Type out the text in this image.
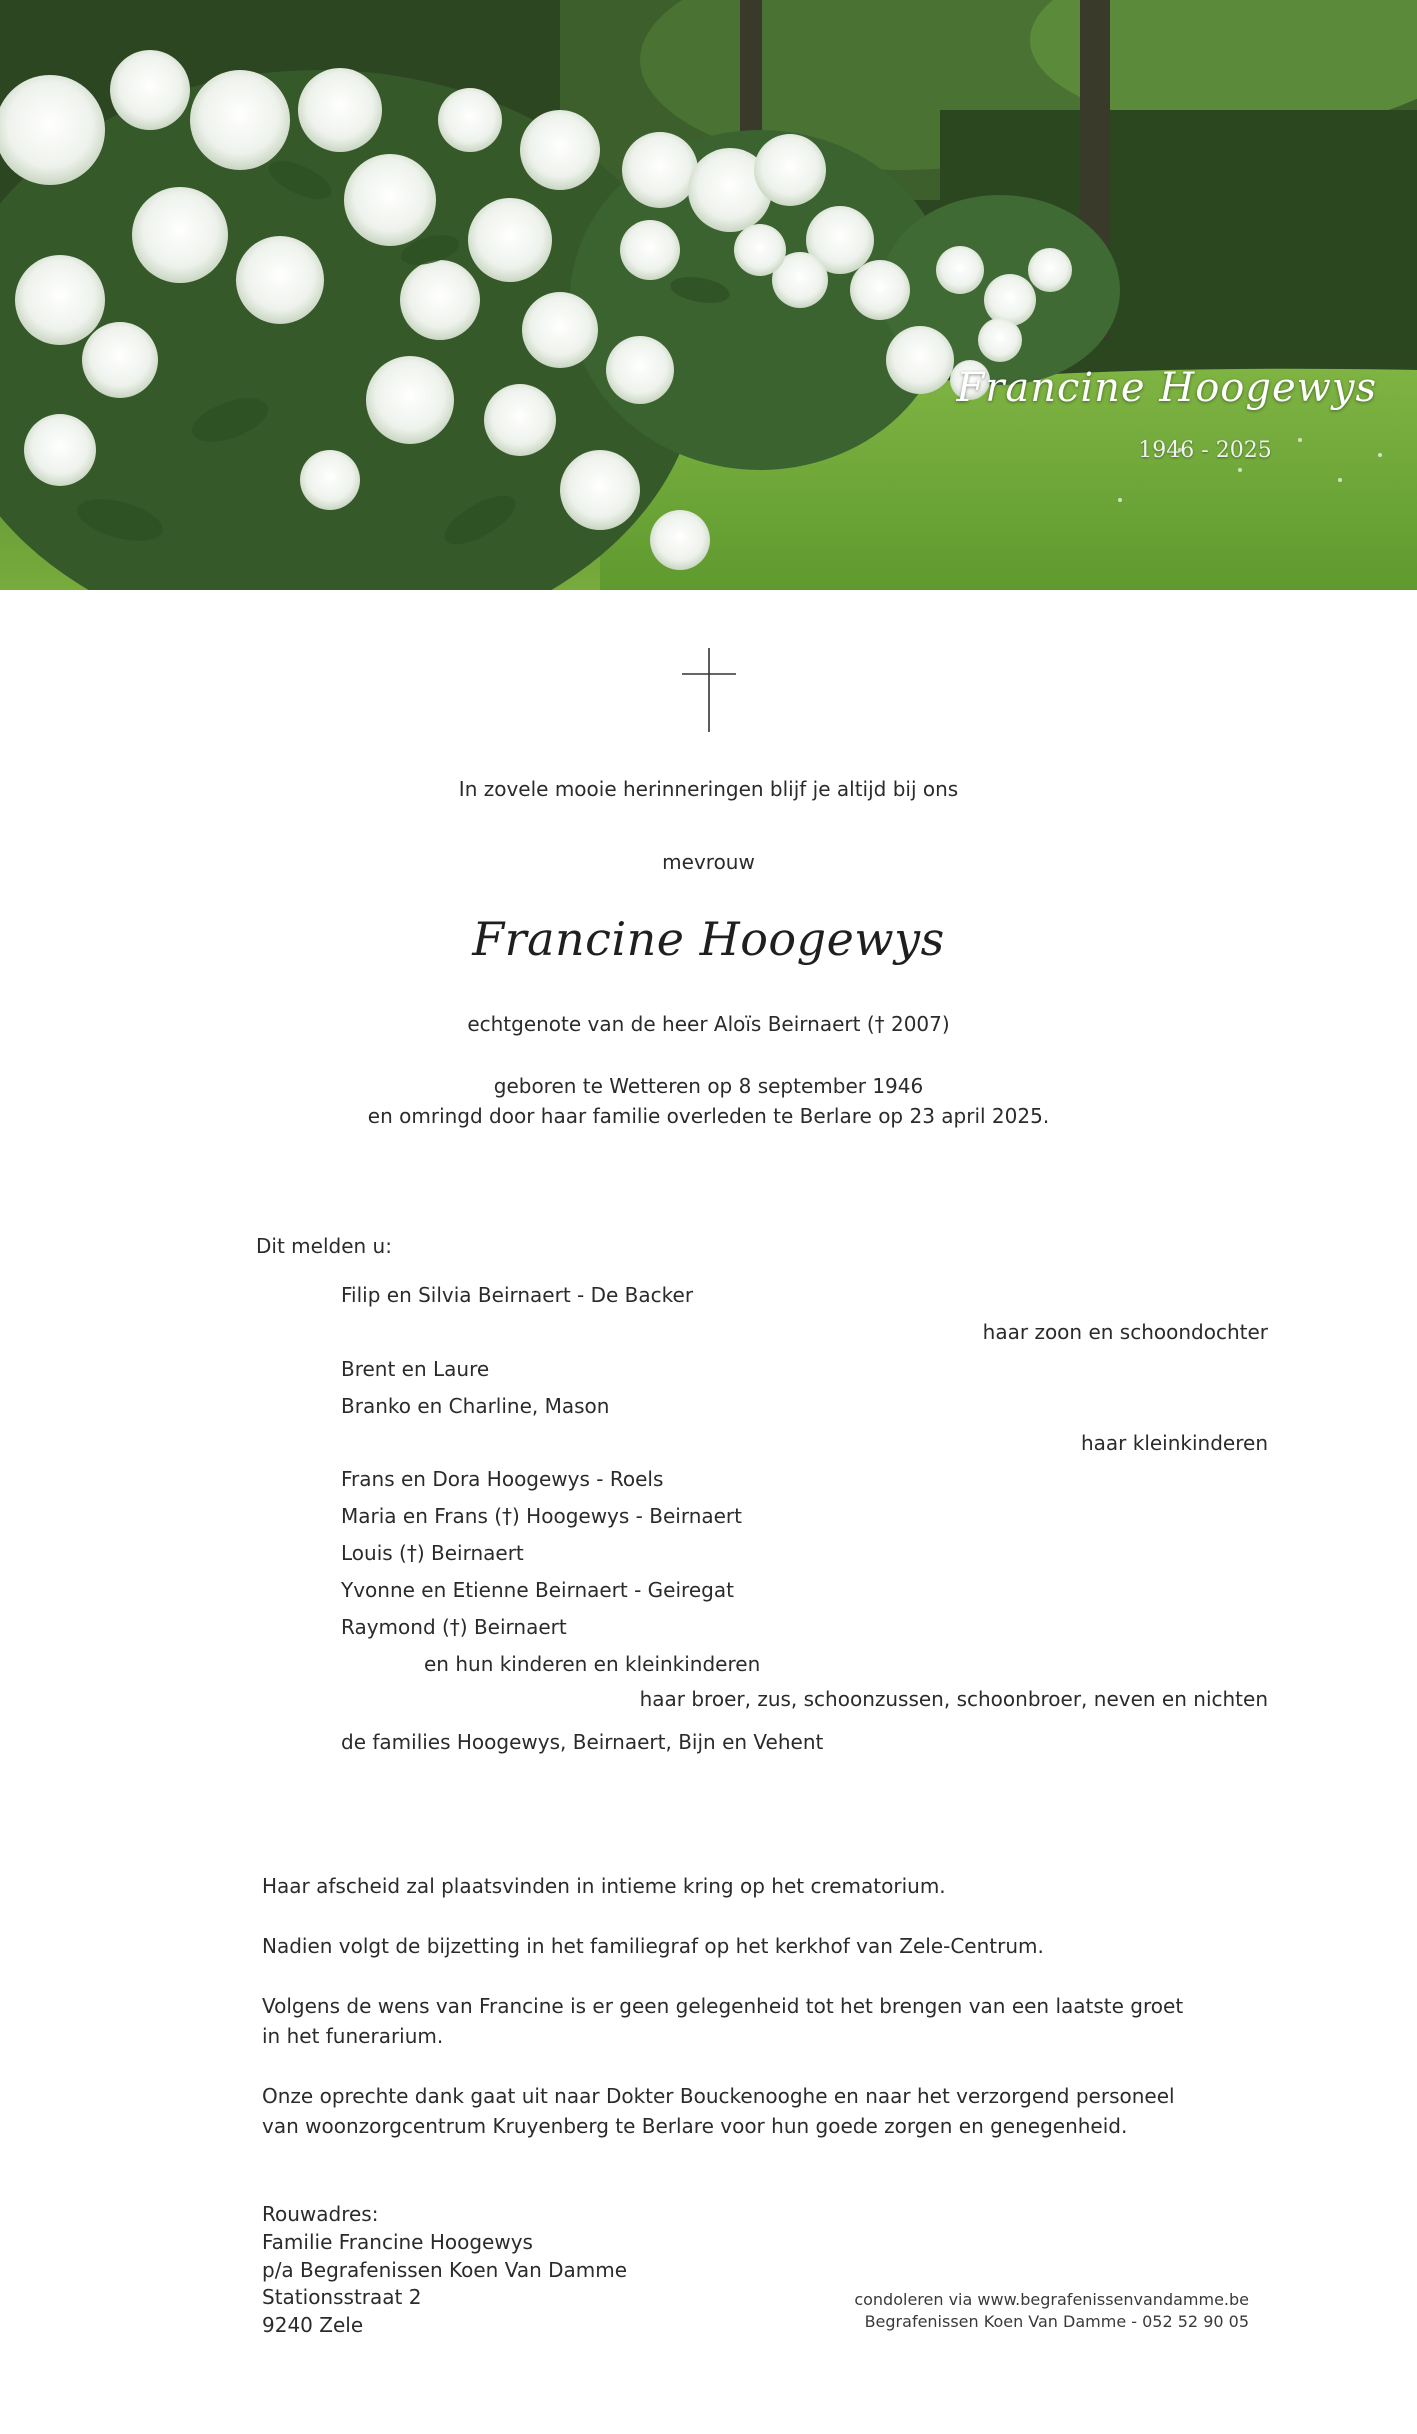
Francine Hoogewys
1946 - 2025
In zovele mooie herinneringen blijf je altijd bij ons
mevrouw
Francine Hoogewys
echtgenote van de heer Aloïs Beirnaert († 2007)
geboren te Wetteren op 8 september 1946
en omringd door haar familie overleden te Berlare op 23 april 2025.
Dit melden u:
Filip en Silvia Beirnaert - De Backer
haar zoon en schoondochter
Brent en Laure
Branko en Charline, Mason
haar kleinkinderen
Frans en Dora Hoogewys - Roels
Maria en Frans (†) Hoogewys - Beirnaert
Louis (†) Beirnaert
Yvonne en Etienne Beirnaert - Geiregat
Raymond (†) Beirnaert
en hun kinderen en kleinkinderen
haar broer, zus, schoonzussen, schoonbroer, neven en nichten
de families Hoogewys, Beirnaert, Bijn en Vehent
Haar afscheid zal plaatsvinden in intieme kring op het crematorium.
Nadien volgt de bijzetting in het familiegraf op het kerkhof van Zele-Centrum.
Volgens de wens van Francine is er geen gelegenheid tot het brengen van een laatste groet
in het funerarium.
Onze oprechte dank gaat uit naar Dokter Bouckenooghe en naar het verzorgend personeel
van woonzorgcentrum Kruyenberg te Berlare voor hun goede zorgen en genegenheid.
Rouwadres:
Familie Francine Hoogewys
p/a Begrafenissen Koen Van Damme
Stationsstraat 2
9240 Zele
condoleren via www.begrafenissenvandamme.be
Begrafenissen Koen Van Damme - 052 52 90 05
